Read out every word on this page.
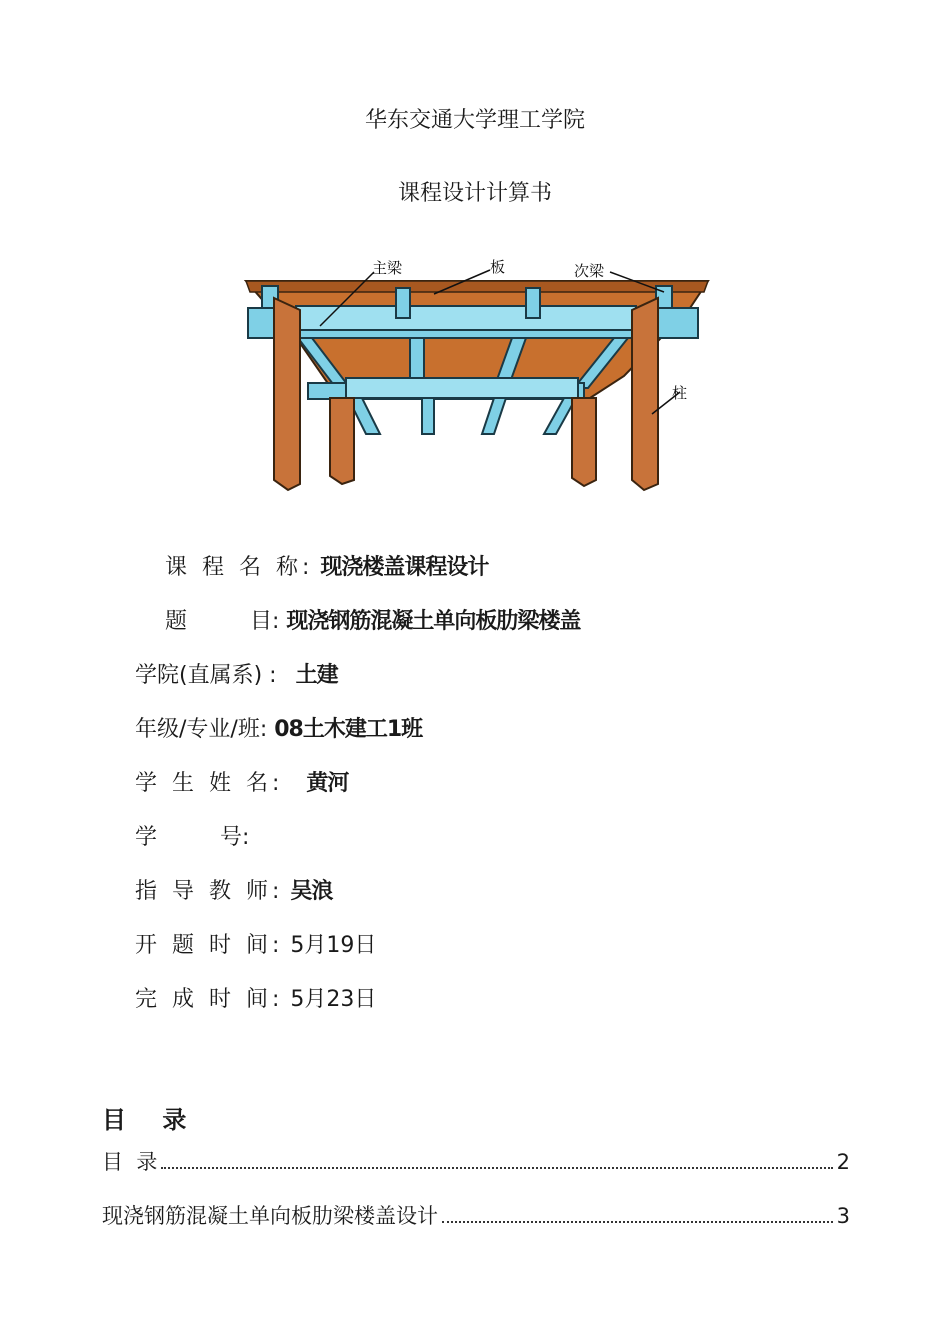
华东交通大学理工学院
课程设计计算书
主梁	板	次梁
柱
课 程 名 称: 现浇楼盖课程设计
题         目: 现浇钢筋混凝土单向板肋梁楼盖
学院(直属系) : 土建
年级/专业/班: 08土木建工1班
学 生 姓 名: 黄河
学         号:
指 导 教 师: 吴浪
开 题 时 间: 5月19日
完 成 时 间: 5月23日
目 录
目  录	2
现浇钢筋混凝土单向板肋梁楼盖设计	3
